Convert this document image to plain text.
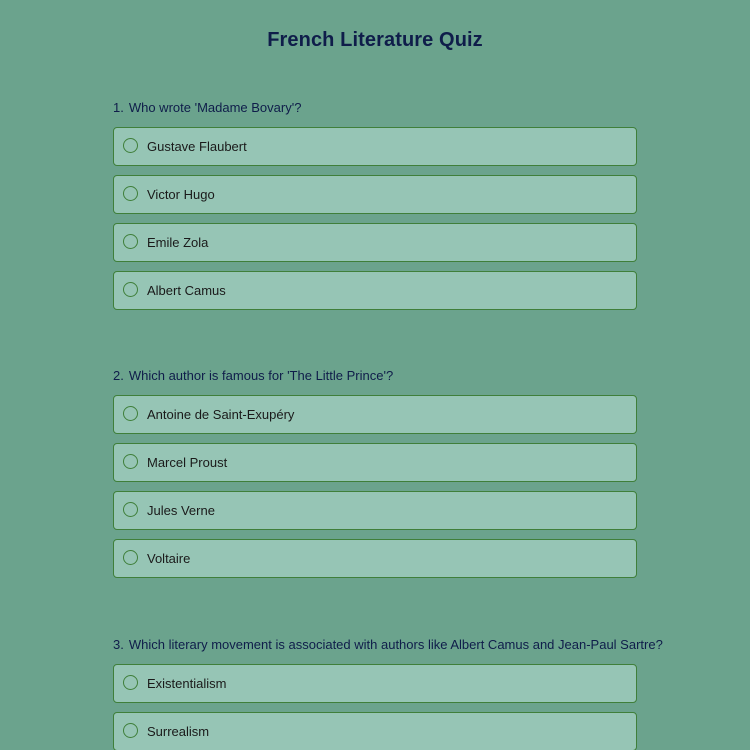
French Literature Quiz
1. Who wrote 'Madame Bovary'?
Gustave Flaubert
Victor Hugo
Emile Zola
Albert Camus
2. Which author is famous for 'The Little Prince'?
Antoine de Saint-Exupéry
Marcel Proust
Jules Verne
Voltaire
3. Which literary movement is associated with authors like Albert Camus and Jean-Paul Sartre?
Existentialism
Surrealism
